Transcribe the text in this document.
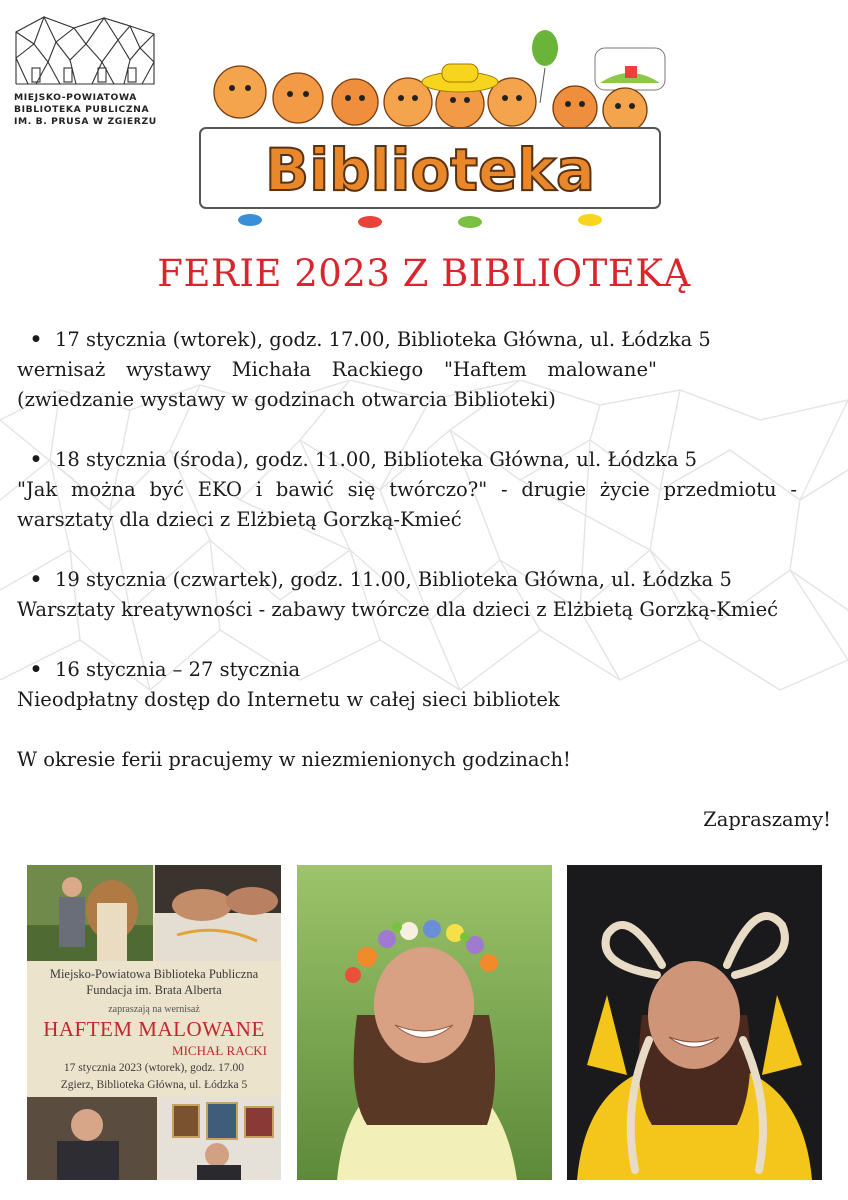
MIEJSKO-POWIATOWA
BIBLIOTEKA PUBLICZNA
IM. B. PRUSA W ZGIERZU
Biblioteka
FERIE 2023 Z BIBLIOTEKĄ
• 17 stycznia (wtorek), godz. 17.00, Biblioteka Główna, ul. Łódzka 5
wernisaż wystawy Michała Rackiego "Haftem malowane" (zwiedzanie wystawy w godzinach otwarcia Biblioteki)
• 18 stycznia (środa), godz. 11.00, Biblioteka Główna, ul. Łódzka 5
"Jak można być EKO i bawić się twórczo?" - drugie życie przedmiotu - warsztaty dla dzieci z Elżbietą Gorzką-Kmieć
• 19 stycznia (czwartek), godz. 11.00, Biblioteka Główna, ul. Łódzka 5
Warsztaty kreatywności - zabawy twórcze dla dzieci z Elżbietą Gorzką-Kmieć
• 16 stycznia – 27 stycznia
Nieodpłatny dostęp do Internetu w całej sieci bibliotek
W okresie ferii pracujemy w niezmienionych godzinach!
Zapraszamy!
Miejsko-Powiatowa Biblioteka Publiczna
Fundacja im. Brata Alberta
zapraszają na wernisaż
HAFTEM MALOWANE
MICHAŁ RACKI
17 stycznia 2023 (wtorek), godz. 17.00
Zgierz, Biblioteka Główna, ul. Łódzka 5
